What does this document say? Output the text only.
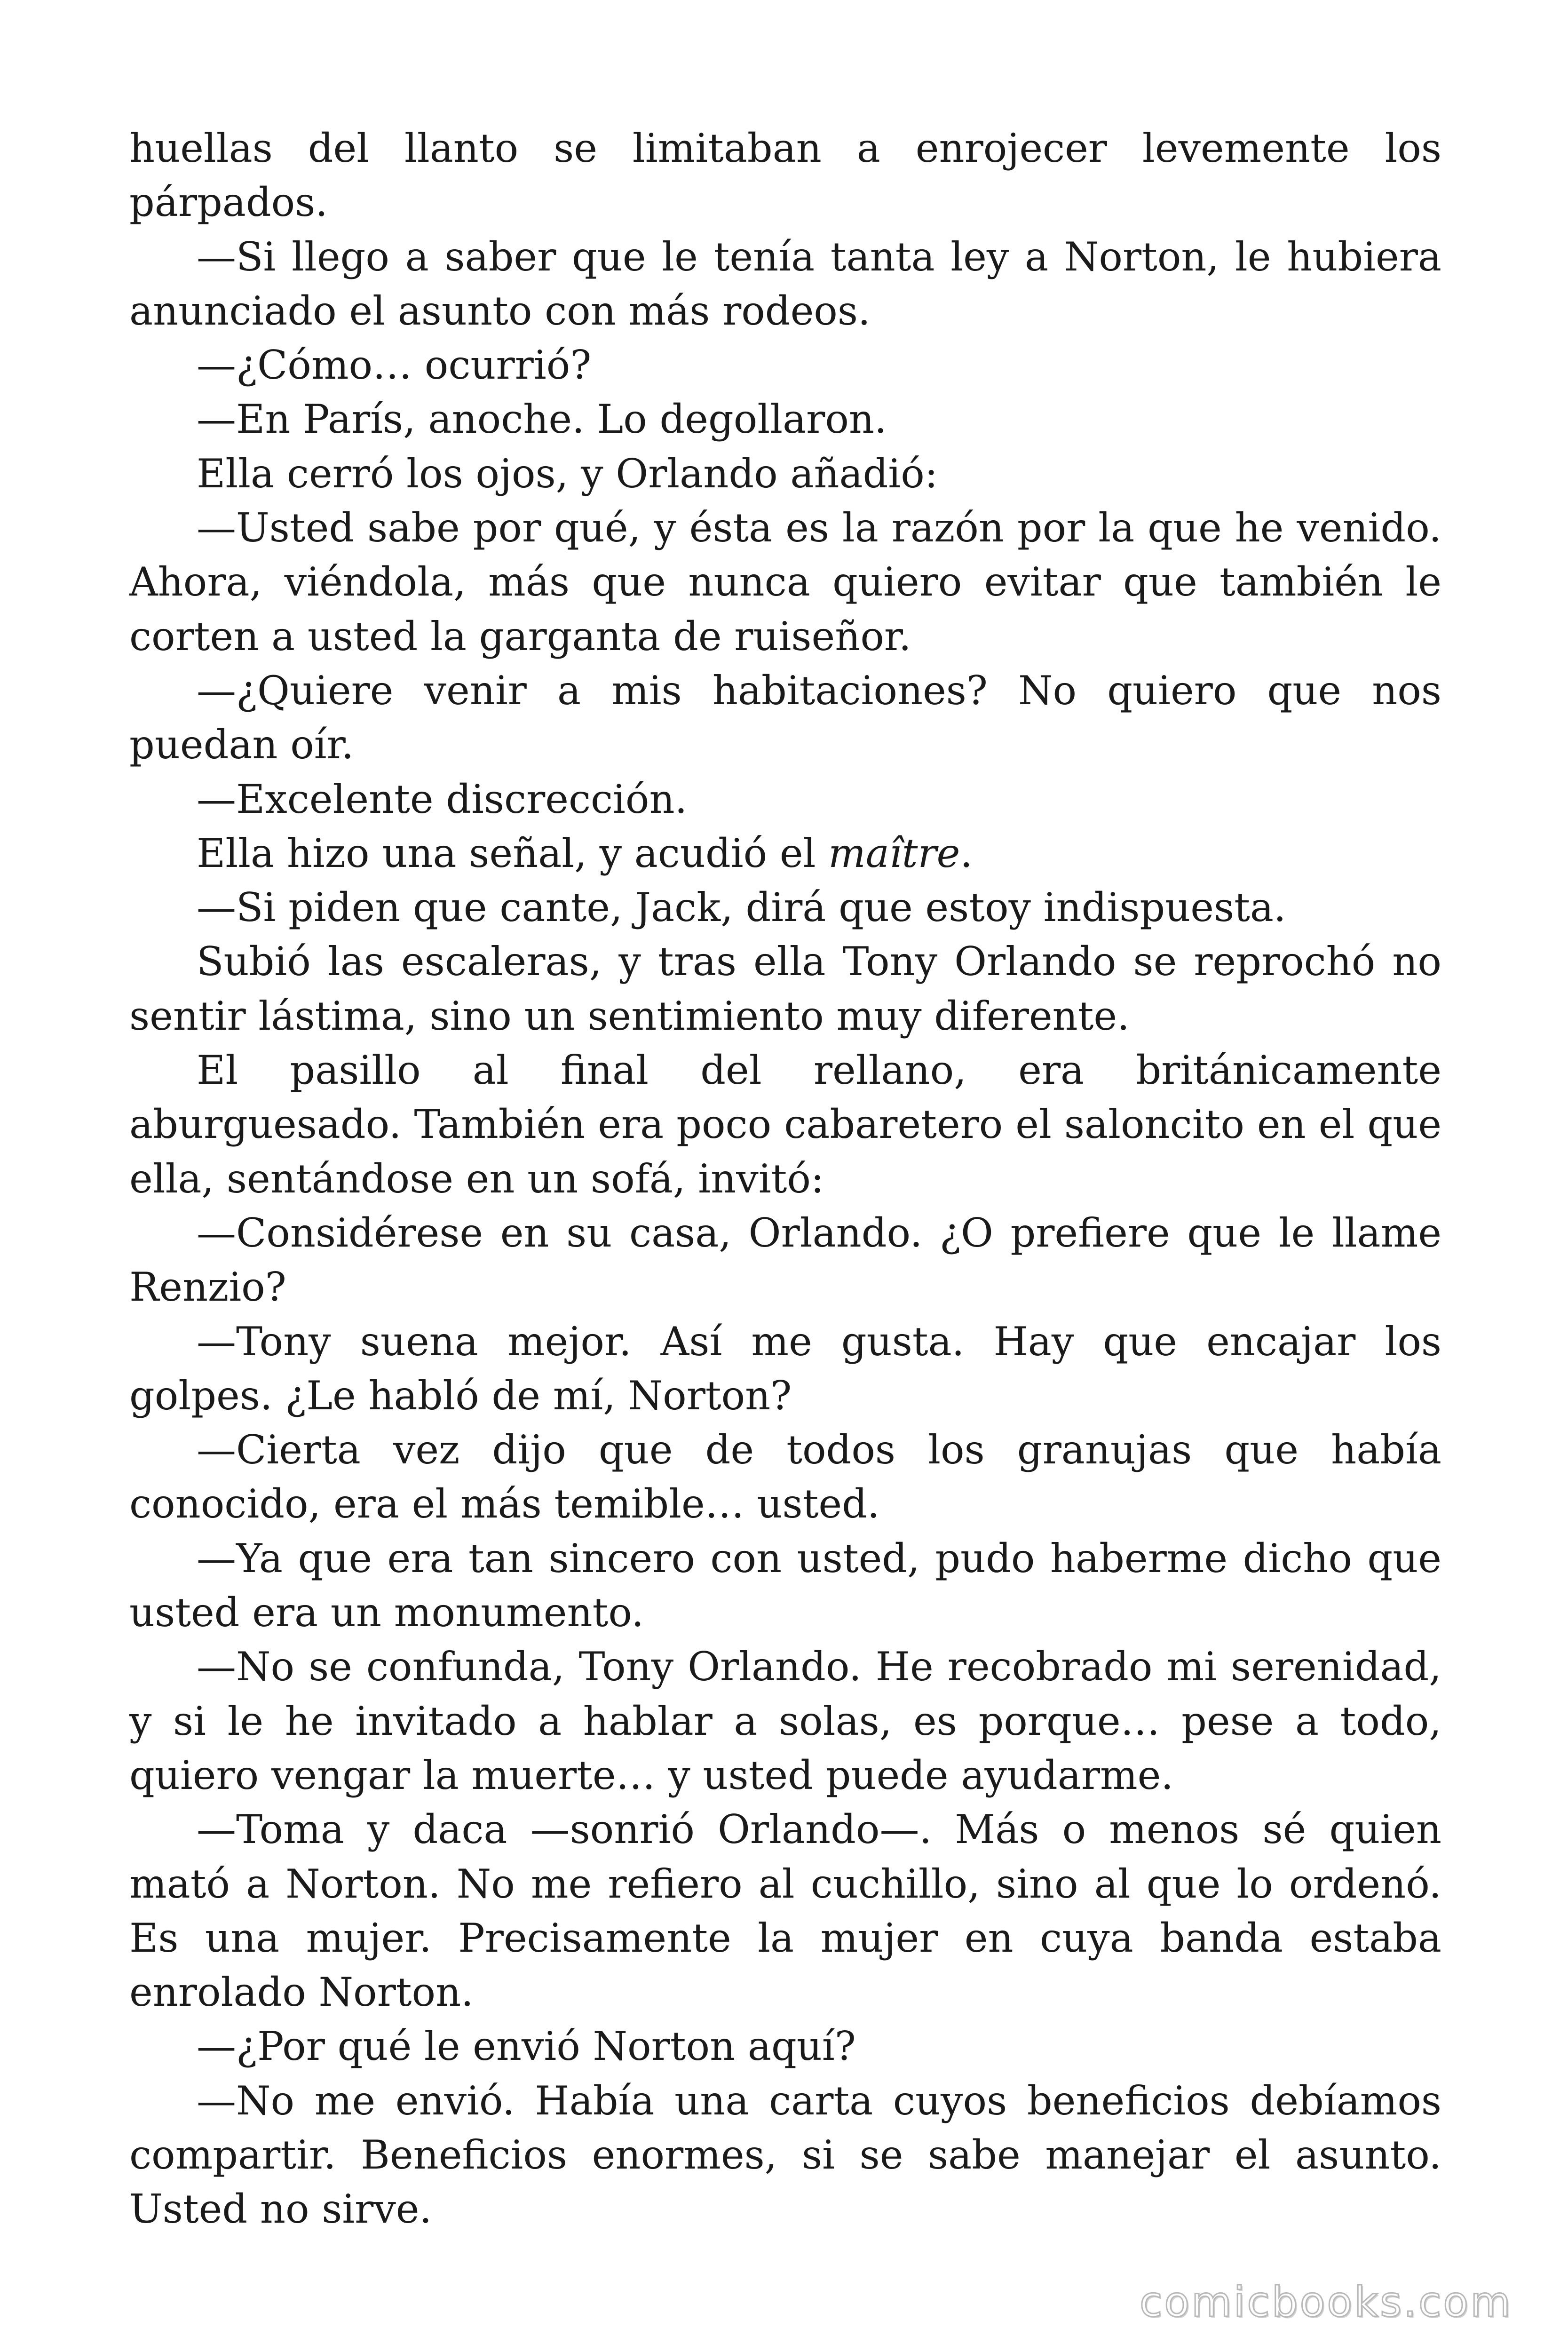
huellas del llanto se limitaban a enrojecer levemente los párpados.

—Si llego a saber que le tenía tanta ley a Norton, le hubiera anunciado el asunto con más rodeos.

—¿Cómo… ocurrió?

—En París, anoche. Lo degollaron.

Ella cerró los ojos, y Orlando añadió:

—Usted sabe por qué, y ésta es la razón por la que he venido. Ahora, viéndola, más que nunca quiero evitar que también le corten a usted la garganta de ruiseñor.

—¿Quiere venir a mis habitaciones? No quiero que nos puedan oír.

—Excelente discrección.

Ella hizo una señal, y acudió el maître.

—Si piden que cante, Jack, dirá que estoy indispuesta.

Subió las escaleras, y tras ella Tony Orlando se reprochó no sentir lástima, sino un sentimiento muy diferente.

El pasillo al final del rellano, era británicamente aburguesado. También era poco cabaretero el saloncito en el que ella, sentándose en un sofá, invitó:

—Considérese en su casa, Orlando. ¿O prefiere que le llame Renzio?

—Tony suena mejor. Así me gusta. Hay que encajar los golpes. ¿Le habló de mí, Norton?

—Cierta vez dijo que de todos los granujas que había conocido, era el más temible… usted.

—Ya que era tan sincero con usted, pudo haberme dicho que usted era un monumento.

—No se confunda, Tony Orlando. He recobrado mi serenidad, y si le he invitado a hablar a solas, es porque… pese a todo, quiero vengar la muerte… y usted puede ayudarme.

—Toma y daca —sonrió Orlando—. Más o menos sé quien mató a Norton. No me refiero al cuchillo, sino al que lo ordenó. Es una mujer. Precisamente la mujer en cuya banda estaba enrolado Norton.

—¿Por qué le envió Norton aquí?

—No me envió. Había una carta cuyos beneficios debíamos compartir. Beneficios enormes, si se sabe manejar el asunto. Usted no sirve.

comicbooks.com
